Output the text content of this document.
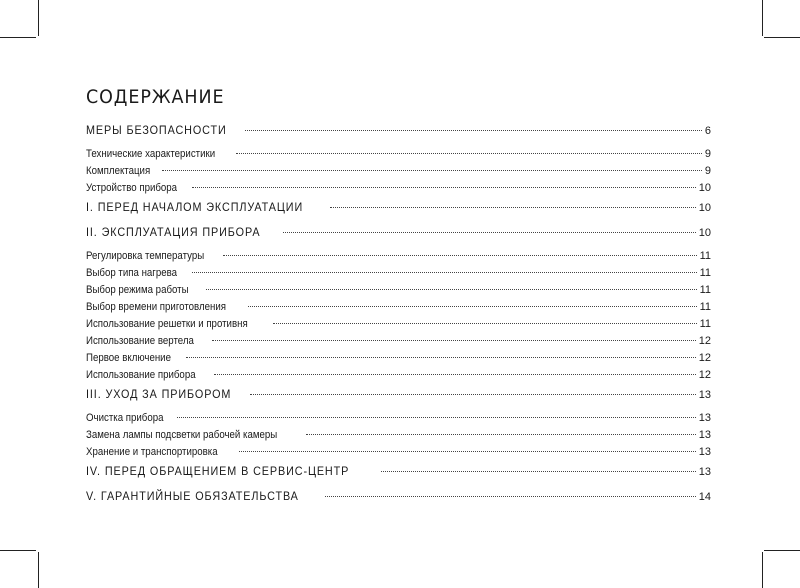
СОДЕРЖАНИЕ
МЕРЫ БЕЗОПАСНОСТИ	6
Технические характеристики	9
Комплектация	9
Устройство прибора	10
I. ПЕРЕД НАЧАЛОМ ЭКСПЛУАТАЦИИ	10
II. ЭКСПЛУАТАЦИЯ ПРИБОРА	10
Регулировка температуры	11
Выбор типа нагрева	11
Выбор режима работы	11
Выбор времени приготовления	11
Использование решетки и противня	11
Использование вертела	12
Первое включение	12
Использование прибора	12
III. УХОД ЗА ПРИБОРОМ	13
Очистка прибора	13
Замена лампы подсветки рабочей камеры	13
Хранение и транспортировка	13
IV. ПЕРЕД ОБРАЩЕНИЕМ В СЕРВИС-ЦЕНТР	13
V. ГАРАНТИЙНЫЕ ОБЯЗАТЕЛЬСТВА	14
